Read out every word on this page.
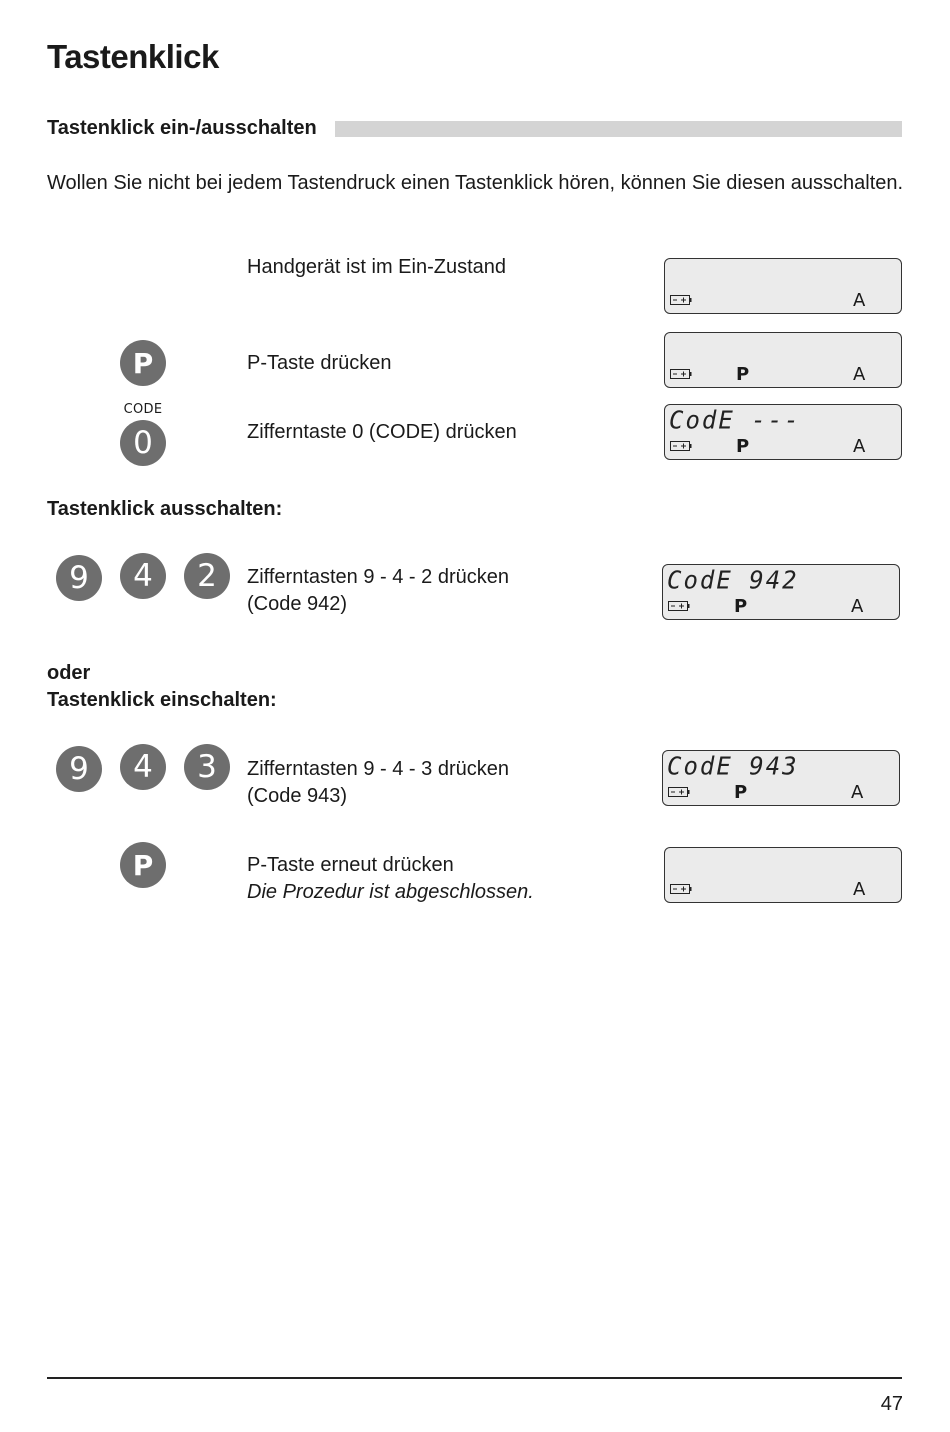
Tastenklick
Tastenklick ein-/ausschalten
Wollen Sie nicht bei jedem Tastendruck einen Tastenklick hören, können Sie diesen ausschalten.
Handgerät ist im Ein-Zustand
A
P	P-Taste drücken
P	A
CODE
0	Zifferntaste 0 (CODE) drücken	CodE ---
P	A
Tastenklick ausschalten:
9	4	2	Zifferntasten 9 - 4 - 2 drücken
(Code 942)
CodE 942
P	A
oder
Tastenklick einschalten:
9	4	3	Zifferntasten 9 - 4 - 3 drücken
(Code 943)
CodE 943
P	A
P	P-Taste erneut drücken
Die Prozedur ist abgeschlossen.	A
47
